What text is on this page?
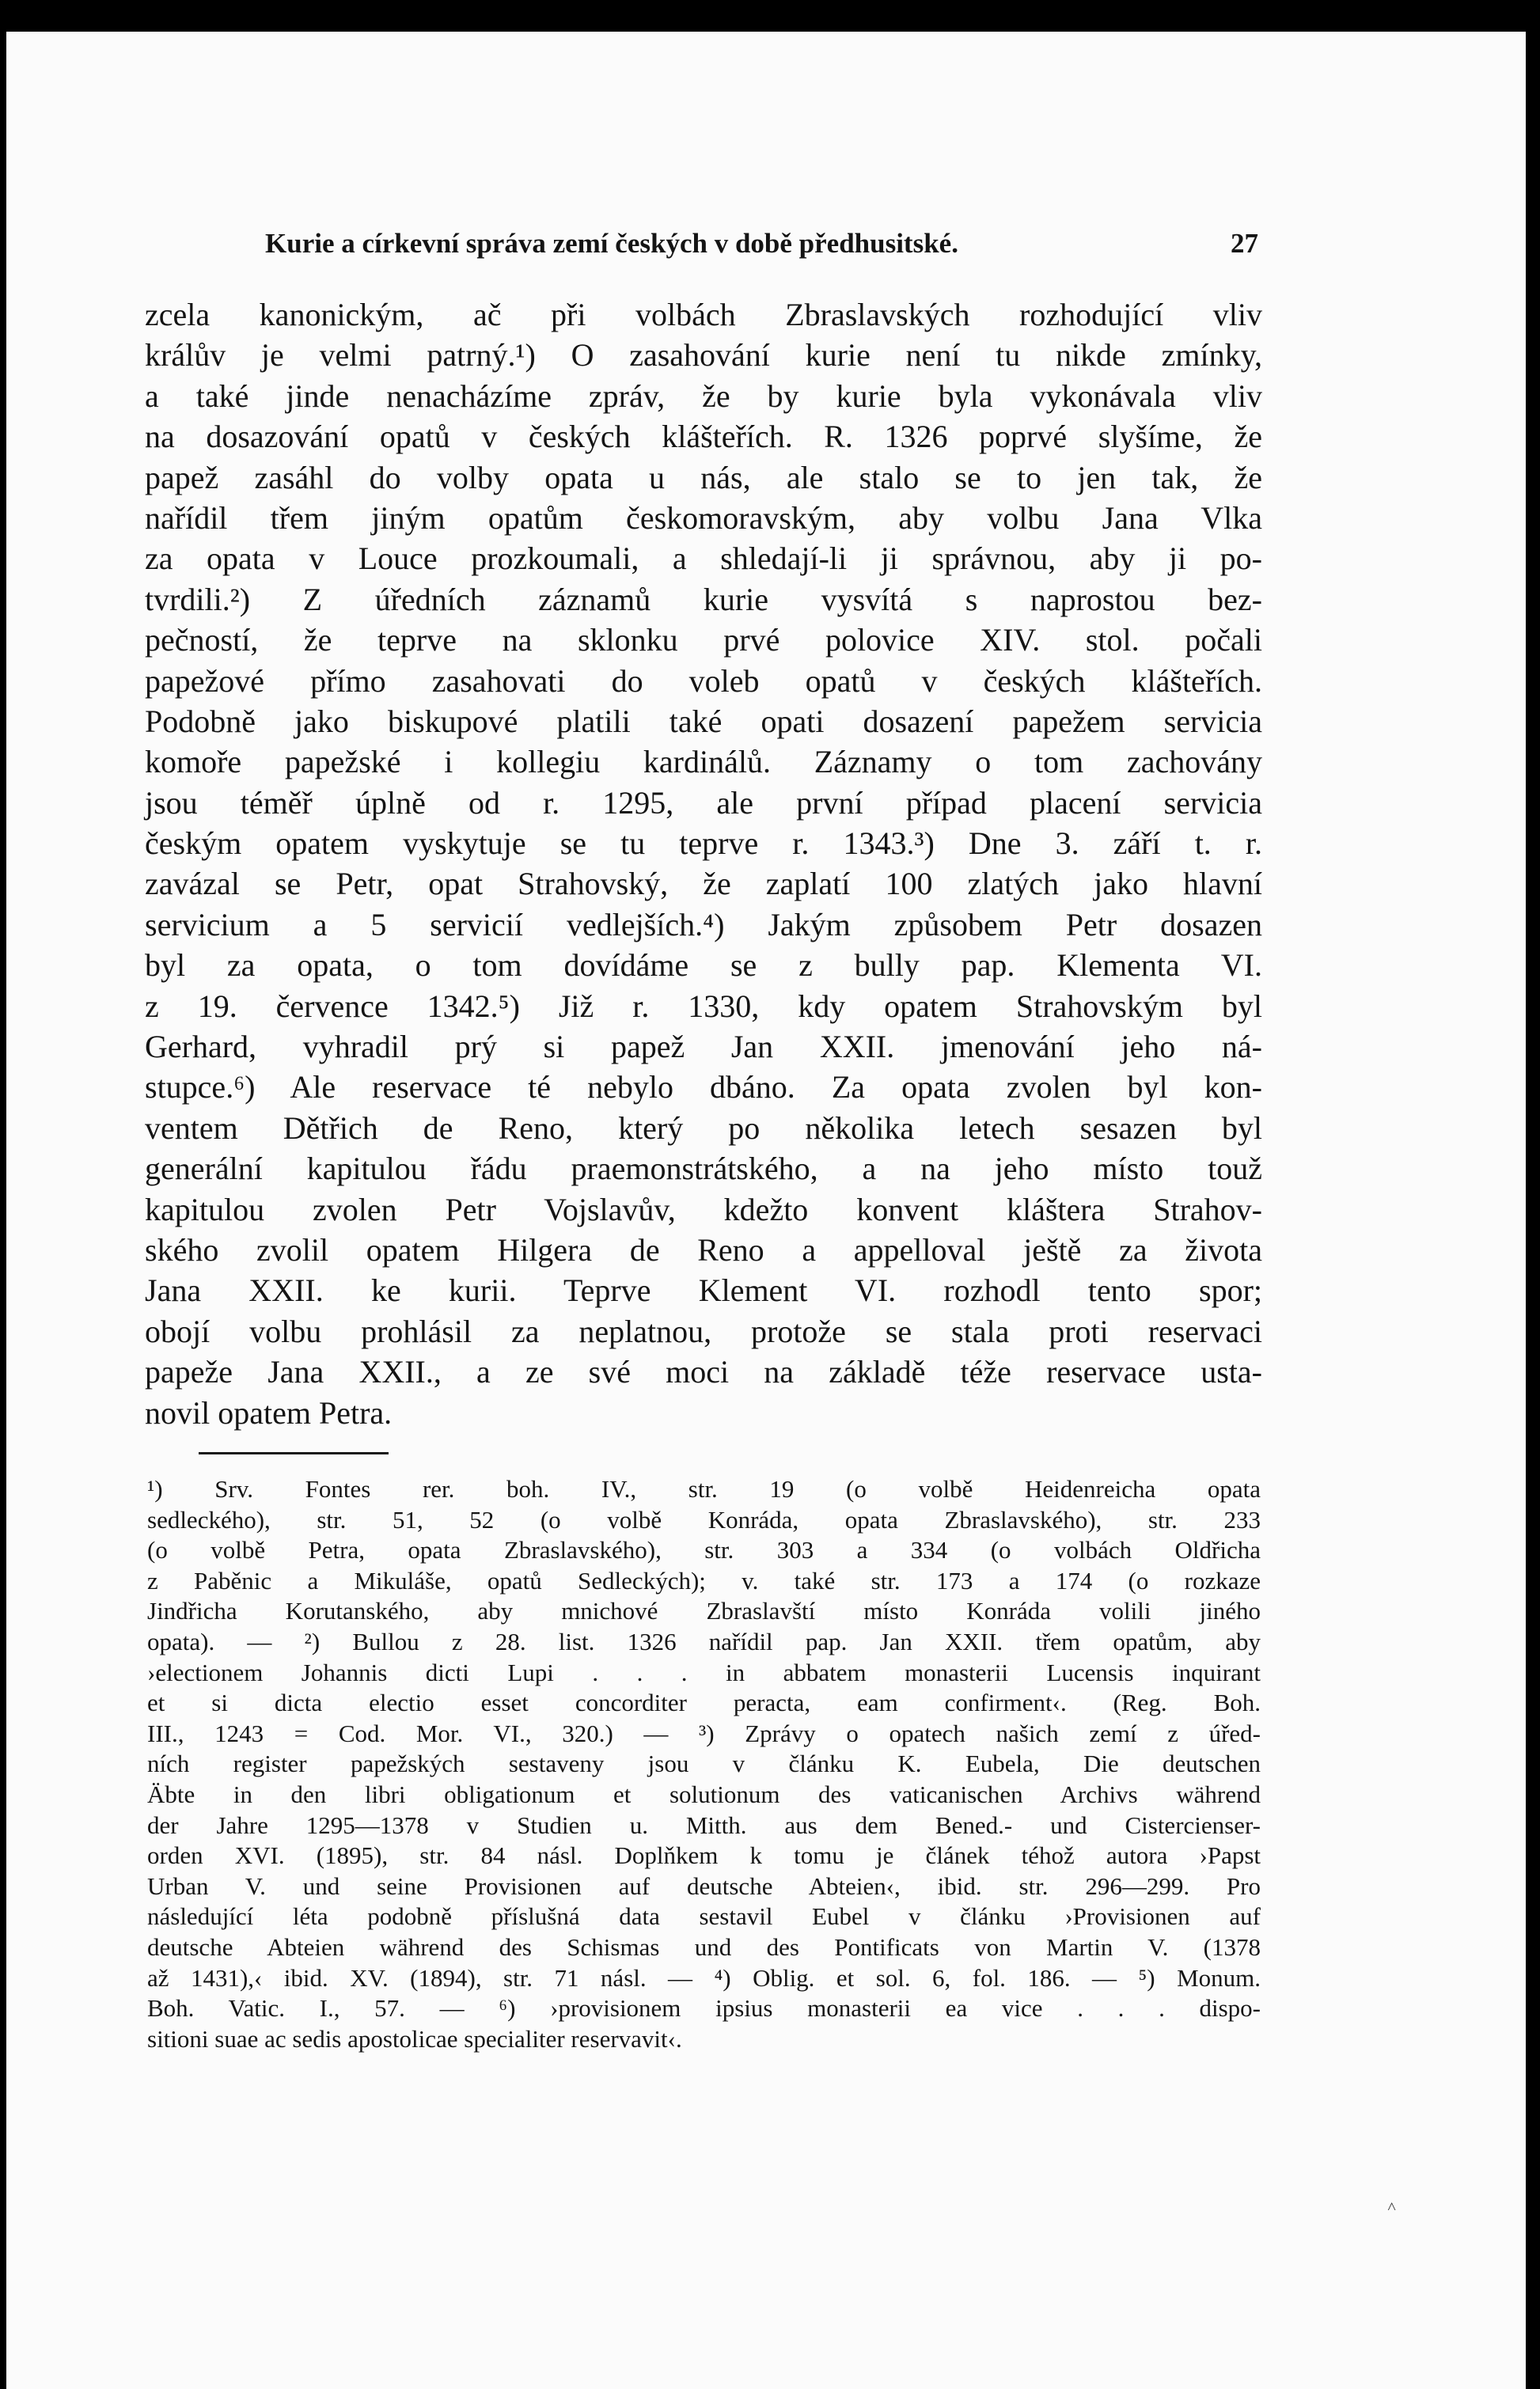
Kurie a církevní správa zemí českých v době předhusitské.	27
zcela kanonickým, ač při volbách Zbraslavských rozhodující vliv
králův je velmi patrný.¹) O zasahování kurie není tu nikde zmínky,
a také jinde nenacházíme zpráv, že by kurie byla vykonávala vliv
na dosazování opatů v českých klášteřích. R. 1326 poprvé slyšíme, že
papež zasáhl do volby opata u nás, ale stalo se to jen tak, že
nařídil třem jiným opatům českomoravským, aby volbu Jana Vlka
za opata v Louce prozkoumali, a shledají-li ji správnou, aby ji po-
tvrdili.²) Z úředních záznamů kurie vysvítá s naprostou bez-
pečností, že teprve na sklonku prvé polovice XIV. stol. počali
papežové přímo zasahovati do voleb opatů v českých klášteřích.
Podobně jako biskupové platili také opati dosazení papežem servicia
komoře papežské i kollegiu kardinálů. Záznamy o tom zachovány
jsou téměř úplně od r. 1295, ale první případ placení servicia
českým opatem vyskytuje se tu teprve r. 1343.³) Dne 3. září t. r.
zavázal se Petr, opat Strahovský, že zaplatí 100 zlatých jako hlavní
servicium a 5 servicií vedlejších.⁴) Jakým způsobem Petr dosazen
byl za opata, o tom dovídáme se z bully pap. Klementa VI.
z 19. července 1342.⁵) Již r. 1330, kdy opatem Strahovským byl
Gerhard, vyhradil prý si papež Jan XXII. jmenování jeho ná-
stupce.⁶) Ale reservace té nebylo dbáno. Za opata zvolen byl kon-
ventem Dětřich de Reno, který po několika letech sesazen byl
generální kapitulou řádu praemonstrátského, a na jeho místo touž
kapitulou zvolen Petr Vojslavův, kdežto konvent kláštera Strahov-
ského zvolil opatem Hilgera de Reno a appelloval ještě za života
Jana XXII. ke kurii. Teprve Klement VI. rozhodl tento spor;
obojí volbu prohlásil za neplatnou, protože se stala proti reservaci
papeže Jana XXII., a ze své moci na základě téže reservace usta-
novil opatem Petra.
¹) Srv. Fontes rer. boh. IV., str. 19 (o volbě Heidenreicha opata
sedleckého), str. 51, 52 (o volbě Konráda, opata Zbraslavského), str. 233
(o volbě Petra, opata Zbraslavského), str. 303 a 334 (o volbách Oldřicha
z Paběnic a Mikuláše, opatů Sedleckých); v. také str. 173 a 174 (o rozkaze
Jindřicha Korutanského, aby mnichové Zbraslavští místo Konráda volili jiného
opata). — ²) Bullou z 28. list. 1326 nařídil pap. Jan XXII. třem opatům, aby
›electionem Johannis dicti Lupi . . . in abbatem monasterii Lucensis inquirant
et si dicta electio esset concorditer peracta, eam confirment‹. (Reg. Boh.
III., 1243 = Cod. Mor. VI., 320.) — ³) Zprávy o opatech našich zemí z úřed-
ních register papežských sestaveny jsou v článku K. Eubela, Die deutschen
Äbte in den libri obligationum et solutionum des vaticanischen Archivs während
der Jahre 1295—1378 v Studien u. Mitth. aus dem Bened.- und Cistercienser-
orden XVI. (1895), str. 84 násl. Doplňkem k tomu je článek téhož autora ›Papst
Urban V. und seine Provisionen auf deutsche Abteien‹, ibid. str. 296—299. Pro
následující léta podobně příslušná data sestavil Eubel v článku ›Provisionen auf
deutsche Abteien während des Schismas und des Pontificats von Martin V. (1378
až 1431),‹ ibid. XV. (1894), str. 71 násl. — ⁴) Oblig. et sol. 6, fol. 186. — ⁵) Monum.
Boh. Vatic. I., 57. — ⁶) ›provisionem ipsius monasterii ea vice . . . dispo-
sitioni suae ac sedis apostolicae specialiter reservavit‹.
˄
